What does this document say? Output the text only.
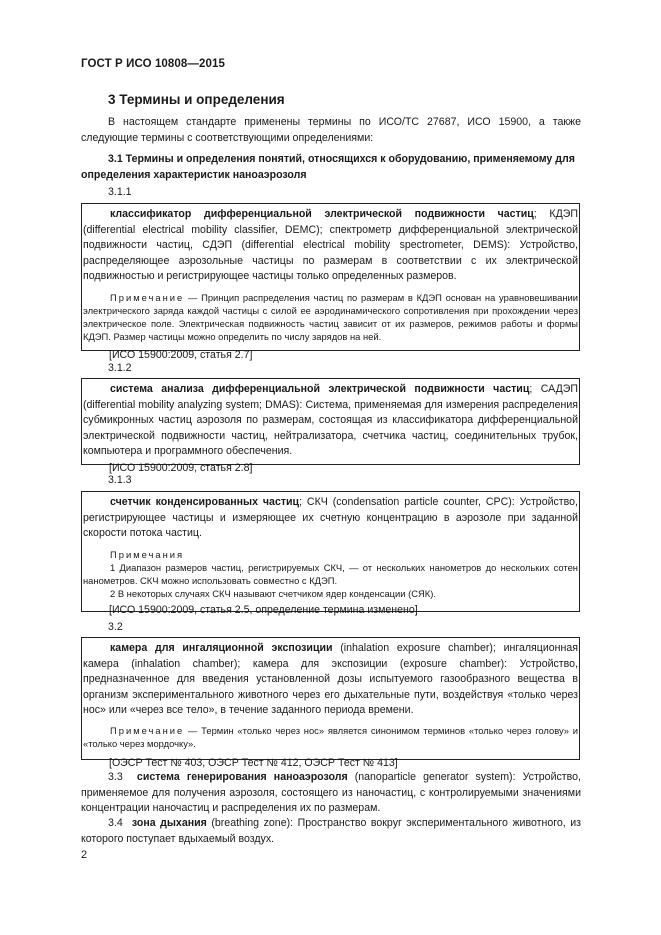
ГОСТ Р ИСО 10808—2015
3 Термины и определения
В настоящем стандарте применены термины по ИСО/ТС 27687, ИСО 15900, а также следующие термины с соответствующими определениями:
3.1 Термины и определения понятий, относящихся к оборудованию, применяемому для определения характеристик наноаэрозоля
3.1.1
классификатор дифференциальной электрической подвижности частиц; КДЭП (differential electrical mobility classifier, DEMC); спектрометр дифференциальной электрической подвижности частиц, СДЭП (differential electrical mobility spectrometer, DEMS): Устройство, распределяющее аэрозольные частицы по размерам в соответствии с их электрической подвижностью и регистрирующее частицы только определенных размеров.
Примечание — Принцип распределения частиц по размерам в КДЭП основан на уравновешивании электрического заряда каждой частицы с силой ее аэродинамического сопротивления при прохождении через электрическое поле. Электрическая подвижность частиц зависит от их размеров, режимов работы и формы КДЭП. Размер частицы можно определить по числу зарядов на ней.
[ИСО 15900:2009, статья 2.7]
3.1.2
система анализа дифференциальной электрической подвижности частиц; САДЭП (differential mobility analyzing system; DMAS): Система, применяемая для измерения распределения субмикронных частиц аэрозоля по размерам, состоящая из классификатора дифференциальной электрической подвижности частиц, нейтрализатора, счетчика частиц, соединительных трубок, компьютера и программного обеспечения.
[ИСО 15900:2009, статья 2.8]
3.1.3
счетчик конденсированных частиц; СКЧ (condensation particle counter, CPC): Устройство, регистрирующее частицы и измеряющее их счетную концентрацию в аэрозоле при заданной скорости потока частиц.
Примечания
1 Диапазон размеров частиц, регистрируемых СКЧ, — от нескольких нанометров до нескольких сотен нанометров. СКЧ можно использовать совместно с КДЭП.
2 В некоторых случаях СКЧ называют счетчиком ядер конденсации (СЯК).
[ИСО 15900:2009, статья 2.5, определение термина изменено]
3.2
камера для ингаляционной экспозиции (inhalation exposure chamber); ингаляционная камера (inhalation chamber); камера для экспозиции (exposure chamber): Устройство, предназначенное для введения установленной дозы испытуемого газообразного вещества в организм экспериментального животного через его дыхательные пути, воздействуя «только через нос» или «через все тело», в течение заданного периода времени.
Примечание — Термин «только через нос» является синонимом терминов «только через голову» и «только через мордочку».
[ОЭСР Тест № 403, ОЭСР Тест № 412, ОЭСР Тест № 413]
3.3 система генерирования наноаэрозоля (nanoparticle generator system): Устройство, применяемое для получения аэрозоля, состоящего из наночастиц, с контролируемыми значениями концентрации наночастиц и распределения их по размерам.
3.4 зона дыхания (breathing zone): Пространство вокруг экспериментального животного, из которого поступает вдыхаемый воздух.
2
